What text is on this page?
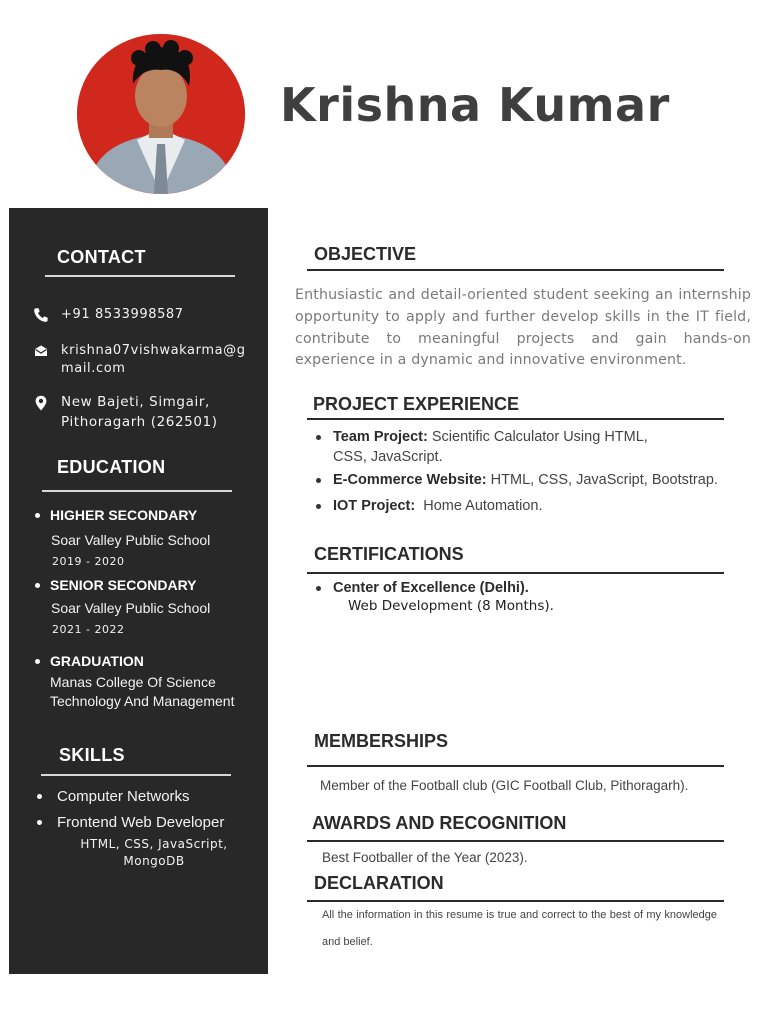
Krishna Kumar
CONTACT
+91 8533998587
krishna07vishwakarma@gmail.com
New Bajeti, Simgair,
Pithoragarh (262501)
EDUCATION
HIGHER SECONDARY
Soar Valley Public School
2019 - 2020
SENIOR SECONDARY
Soar Valley Public School
2021 - 2022
GRADUATION
Manas College Of Science
Technology And Management
SKILLS
Computer Networks
Frontend Web Developer
HTML, CSS, JavaScript,
MongoDB
OBJECTIVE
Enthusiastic and detail-oriented student seeking an internship opportunity to apply and further develop skills in the IT field, contribute to meaningful projects and gain hands-on experience in a dynamic and innovative environment.
PROJECT EXPERIENCE
Team Project: Scientific Calculator Using HTML,
CSS, JavaScript.
E-Commerce Website: HTML, CSS, JavaScript, Bootstrap.
IOT Project:  Home Automation.
CERTIFICATIONS
Center of Excellence (Delhi).
Web Development (8 Months).
MEMBERSHIPS
Member of the Football club (GIC Football Club, Pithoragarh).
AWARDS AND RECOGNITION
Best Footballer of the Year (2023).
DECLARATION
All the information in this resume is true and correct to the best of my knowledge and belief.
